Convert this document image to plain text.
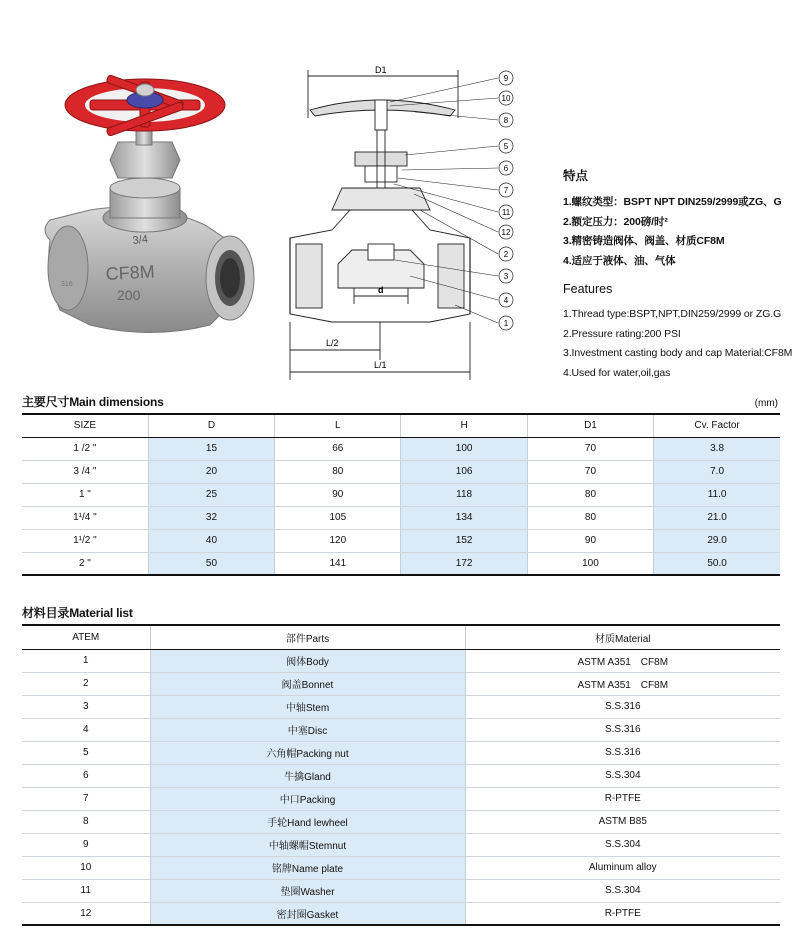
3/4
CF8M
200
316
D1
d
L/2
L/1
9
10
8
5
6
7
11
12
2
3
4
1
特点
1.螺纹类型：BSPT NPT DIN259/2999或ZG、G
2.额定压力：200磅/时²
3.精密铸造阀体、阀盖、材质CF8M
4.适应于液体、油、气体
Features
1.Thread type:BSPT,NPT,DIN259/2999 or ZG.G
2.Pressure rating:200 PSI
3.Investment casting body and cap Material:CF8M
4.Used for water,oil,gas
主要尺寸Main dimensions	(mm)
SIZE	D	L	H	D1	Cv. Factor
1 /2 "	15	66	100	70	3.8
3 /4 "	20	80	106	70	7.0
1 "	25	90	118	80	11.0
1¹/4 "	32	105	134	80	21.0
1¹/2 "	40	120	152	90	29.0
2 "	50	141	172	100	50.0
材料目录Material list
ATEM	部件Parts	材质Material
1	阀体Body	ASTM A351　CF8M
2	阀盖Bonnet	ASTM A351　CF8M
3	中轴Stem	S.S.316
4	中塞Disc	S.S.316
5	六角帽Packing nut	S.S.316
6	牛擒Gland	S.S.304
7	中口Packing	R-PTFE
8	手轮Hand lewheel	ASTM B85
9	中轴螺帽Stemnut	S.S.304
10	铭牌Name plate	Aluminum alloy
11	垫圈Washer	S.S.304
12	密封圈Gasket	R-PTFE
